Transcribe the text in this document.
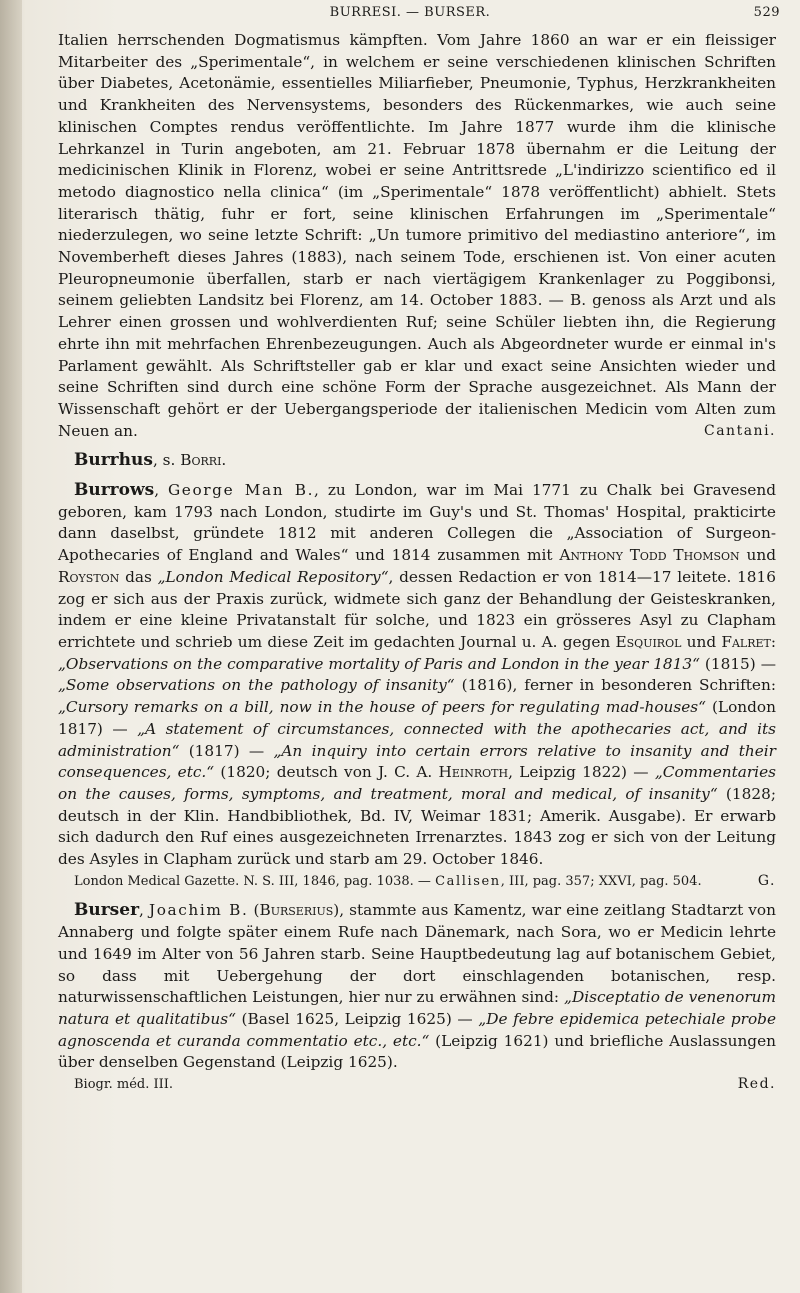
BURRESI. — BURSER.	529

Italien herrschenden Dogmatismus kämpften. Vom Jahre 1860 an war er ein fleissiger Mitarbeiter des „Sperimentale“, in welchem er seine verschiedenen klinischen Schriften über Diabetes, Acetonämie, essentielles Miliarfieber, Pneumonie, Typhus, Herzkrankheiten und Krankheiten des Nervensystems, besonders des Rückenmarkes, wie auch seine klinischen Comptes rendus veröffentlichte. Im Jahre 1877 wurde ihm die klinische Lehrkanzel in Turin angeboten, am 21. Februar 1878 übernahm er die Leitung der medicinischen Klinik in Florenz, wobei er seine Antrittsrede „L'indirizzo scientifico ed il metodo diagnostico nella clinica“ (im „Sperimentale“ 1878 veröffentlicht) abhielt. Stets literarisch thätig, fuhr er fort, seine klinischen Erfahrungen im „Sperimentale“ niederzulegen, wo seine letzte Schrift: „Un tumore primitivo del mediastino anteriore“, im Novemberheft dieses Jahres (1883), nach seinem Tode, erschienen ist. Von einer acuten Pleuropneumonie überfallen, starb er nach viertägigem Krankenlager zu Poggibonsi, seinem geliebten Landsitz bei Florenz, am 14. October 1883. — B. genoss als Arzt und als Lehrer einen grossen und wohlverdienten Ruf; seine Schüler liebten ihn, die Regierung ehrte ihn mit mehrfachen Ehrenbezeugungen. Auch als Abgeordneter wurde er einmal in's Parlament gewählt. Als Schriftsteller gab er klar und exact seine Ansichten wieder und seine Schriften sind durch eine schöne Form der Sprache ausgezeichnet. Als Mann der Wissenschaft gehört er der Uebergangsperiode der italienischen Medicin vom Alten zum Neuen an.	Cantani.

Burrhus, s. Borri.

Burrows, George Man B., zu London, war im Mai 1771 zu Chalk bei Gravesend geboren, kam 1793 nach London, studirte im Guy's und St. Thomas' Hospital, prakticirte dann daselbst, gründete 1812 mit anderen Collegen die „Association of Surgeon-Apothecaries of England and Wales“ und 1814 zusammen mit Anthony Todd Thomson und Royston das „London Medical Repository“, dessen Redaction er von 1814—17 leitete. 1816 zog er sich aus der Praxis zurück, widmete sich ganz der Behandlung der Geisteskranken, indem er eine kleine Privatanstalt für solche, und 1823 ein grösseres Asyl zu Clapham errichtete und schrieb um diese Zeit im gedachten Journal u. A. gegen Esquirol und Falret: „Observations on the comparative mortality of Paris and London in the year 1813“ (1815) — „Some observations on the pathology of insanity“ (1816), ferner in besonderen Schriften: „Cursory remarks on a bill, now in the house of peers for regulating mad-houses“ (London 1817) — „A statement of circumstances, connected with the apothecaries act, and its administration“ (1817) — „An inquiry into certain errors relative to insanity and their consequences, etc.“ (1820; deutsch von J. C. A. Heinroth, Leipzig 1822) — „Commentaries on the causes, forms, symptoms, and treatment, moral and medical, of insanity“ (1828; deutsch in der Klin. Handbibliothek, Bd. IV, Weimar 1831; Amerik. Ausgabe). Er erwarb sich dadurch den Ruf eines ausgezeichneten Irrenarztes. 1843 zog er sich von der Leitung des Asyles in Clapham zurück und starb am 29. October 1846.

London Medical Gazette. N. S. III, 1846, pag. 1038. — Callisen, III, pag. 357; XXVI, pag. 504.	G.

Burser, Joachim B. (Burserius), stammte aus Kamentz, war eine zeitlang Stadtarzt von Annaberg und folgte später einem Rufe nach Dänemark, nach Sora, wo er Medicin lehrte und 1649 im Alter von 56 Jahren starb. Seine Hauptbedeutung lag auf botanischem Gebiet, so dass mit Uebergehung der dort einschlagenden botanischen, resp. naturwissenschaftlichen Leistungen, hier nur zu erwähnen sind: „Disceptatio de venenorum natura et qualitatibus“ (Basel 1625, Leipzig 1625) — „De febre epidemica petechiale probe agnoscenda et curanda commentatio etc., etc.“ (Leipzig 1621) und briefliche Auslassungen über denselben Gegenstand (Leipzig 1625).

Biogr. méd. III.	Red.
